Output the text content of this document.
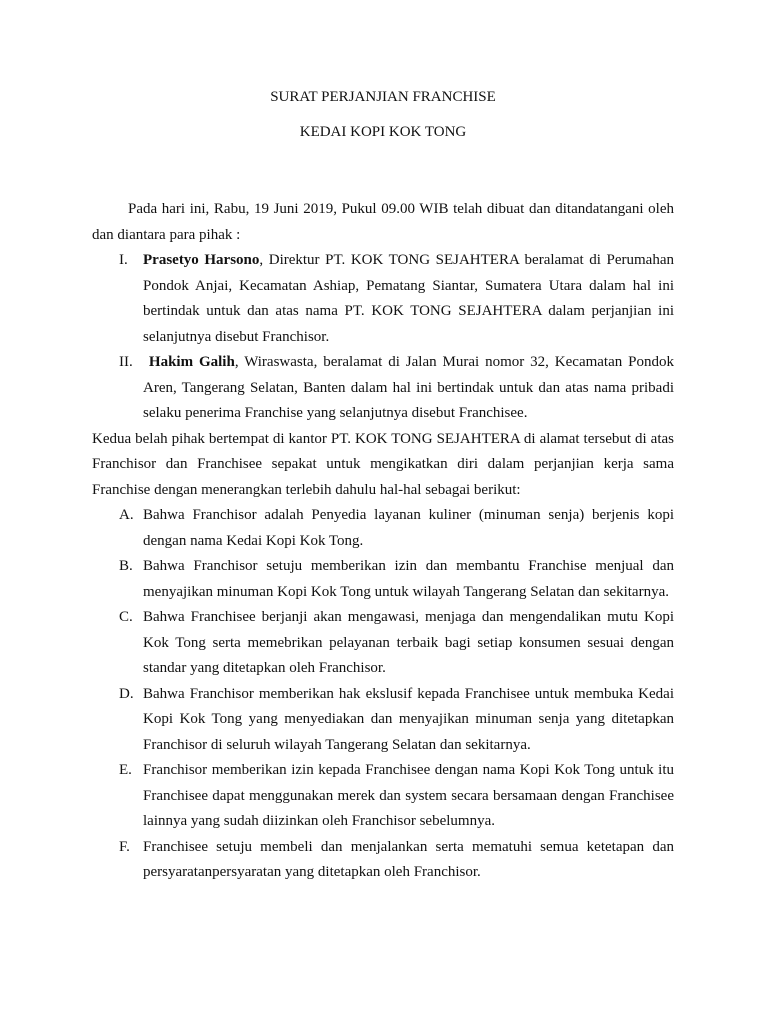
SURAT PERJANJIAN FRANCHISE

KEDAI KOPI KOK TONG

Pada hari ini, Rabu, 19 Juni 2019, Pukul 09.00 WIB telah dibuat dan ditandatangani oleh dan diantara para pihak :

I.	Prasetyo Harsono, Direktur PT. KOK TONG SEJAHTERA beralamat di Perumahan Pondok Anjai, Kecamatan Ashiap, Pematang Siantar, Sumatera Utara dalam hal ini bertindak untuk dan atas nama PT. KOK TONG SEJAHTERA dalam perjanjian ini selanjutnya disebut Franchisor.
II.	Hakim Galih, Wiraswasta, beralamat di Jalan Murai nomor 32, Kecamatan Pondok Aren, Tangerang Selatan, Banten dalam hal ini bertindak untuk dan atas nama pribadi selaku penerima Franchise yang selanjutnya disebut Franchisee.

Kedua belah pihak bertempat di kantor PT. KOK TONG SEJAHTERA di alamat tersebut di atas Franchisor dan Franchisee sepakat untuk mengikatkan diri dalam perjanjian kerja sama Franchise dengan menerangkan terlebih dahulu hal-hal sebagai berikut:

A. Bahwa Franchisor adalah Penyedia layanan kuliner (minuman senja) berjenis kopi dengan nama Kedai Kopi Kok Tong.
B. Bahwa Franchisor setuju memberikan izin dan membantu Franchise menjual dan menyajikan minuman Kopi Kok Tong untuk wilayah Tangerang Selatan dan sekitarnya.
C. Bahwa Franchisee berjanji akan mengawasi, menjaga dan mengendalikan mutu Kopi Kok Tong serta memebrikan pelayanan terbaik bagi setiap konsumen sesuai dengan standar yang ditetapkan oleh Franchisor.
D. Bahwa Franchisor memberikan hak ekslusif kepada Franchisee untuk membuka Kedai Kopi Kok Tong yang menyediakan dan menyajikan minuman senja yang ditetapkan Franchisor di seluruh wilayah Tangerang Selatan dan sekitarnya.
E. Franchisor memberikan izin kepada Franchisee dengan nama Kopi Kok Tong untuk itu Franchisee dapat menggunakan merek dan system secara bersamaan dengan Franchisee lainnya yang sudah diizinkan oleh Franchisor sebelumnya.
F. Franchisee setuju membeli dan menjalankan serta mematuhi semua ketetapan dan persyaratanpersyaratan yang ditetapkan oleh Franchisor.
